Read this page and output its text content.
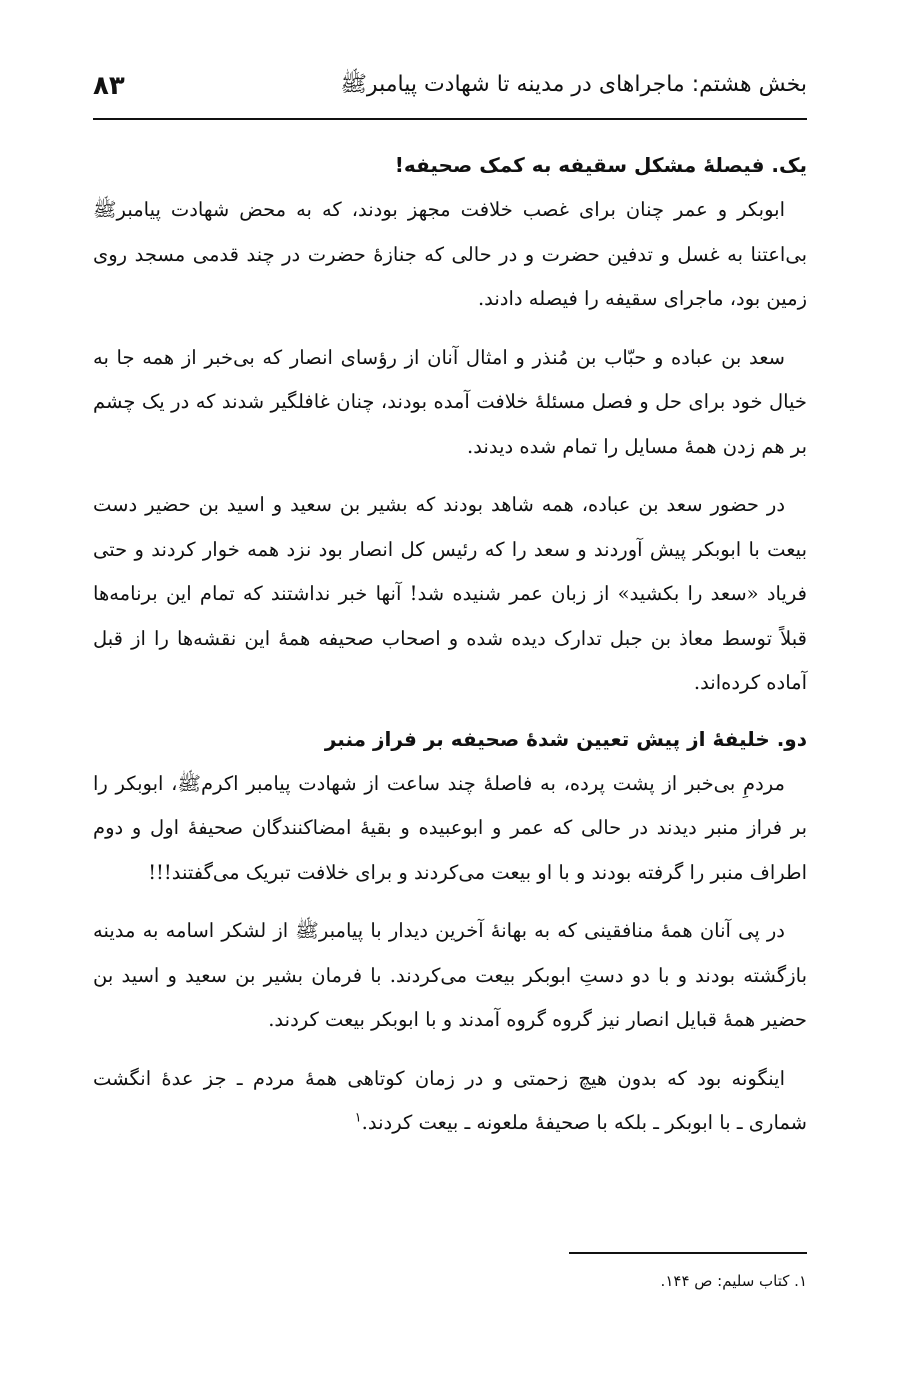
بخش هشتم: ماجراهای در مدینه تا شهادت پیامبرﷺ
۸۳
یک. فیصلهٔ مشکل سقیفه به کمک صحیفه!

ابوبکر و عمر چنان برای غصب خلافت مجهز بودند، که به محض شهادت پیامبرﷺ بی‌اعتنا به غسل و تدفین حضرت و در حالی که جنازهٔ حضرت در چند قدمی مسجد روی زمین بود، ماجرای سقیفه را فیصله دادند.

سعد بن عباده و حبّاب بن مُنذر و امثال آنان از رؤسای انصار که بی‌خبر از همه جا به خیال خود برای حل و فصل مسئلهٔ خلافت آمده بودند، چنان غافلگیر شدند که در یک چشم بر هم زدن همهٔ مسایل را تمام شده دیدند.

در حضور سعد بن عباده، همه شاهد بودند که بشیر بن سعید و اسید بن حضیر دست بیعت با ابوبکر پیش آوردند و سعد را که رئیس کل انصار بود نزد همه خوار کردند و حتی فریاد «سعد را بکشید» از زبان عمر شنیده شد! آنها خبر نداشتند که تمام این برنامه‌ها قبلاً توسط معاذ بن جبل تدارک دیده شده و اصحاب صحیفه همهٔ این نقشه‌ها را از قبل آماده کرده‌اند.

دو. خلیفهٔ از پیش تعیین شدهٔ صحیفه بر فراز منبر

مردمِ بی‌خبر از پشت پرده، به فاصلهٔ چند ساعت از شهادت پیامبر اکرمﷺ، ابوبکر را بر فراز منبر دیدند در حالی که عمر و ابوعبیده و بقیهٔ امضاکنندگان صحیفهٔ اول و دوم اطراف منبر را گرفته بودند و با او بیعت می‌کردند و برای خلافت تبریک می‌گفتند!!!

در پی آنان همهٔ منافقینی که به بهانهٔ آخرین دیدار با پیامبرﷺ از لشکر اسامه به مدینه بازگشته بودند و با دو دستِ ابوبکر بیعت می‌کردند. با فرمان بشیر بن سعید و اسید بن حضیر همهٔ قبایل انصار نیز گروه گروه آمدند و با ابوبکر بیعت کردند.

اینگونه بود که بدون هیچ زحمتی و در زمان کوتاهی همهٔ مردم ـ جز عدهٔ انگشت شماری ـ با ابوبکر ـ بلکه با صحیفهٔ ملعونه ـ بیعت کردند.$^۱$

۱. کتاب سلیم: ص ۱۴۴.
